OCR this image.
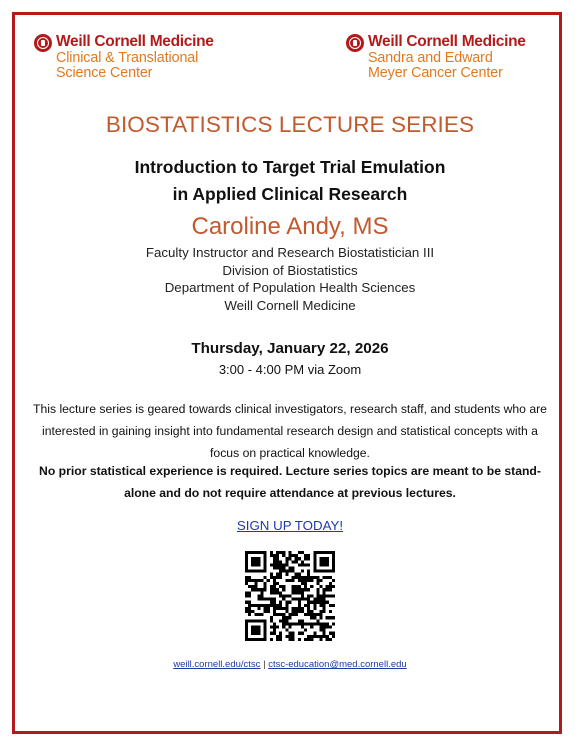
Weill Cornell Medicine
Clinical & Translational
Science Center
Weill Cornell Medicine
Sandra and Edward
Meyer Cancer Center
BIOSTATISTICS LECTURE SERIES
Introduction to Target Trial Emulation
in Applied Clinical Research
Caroline Andy, MS
Faculty Instructor and Research Biostatistician III
Division of Biostatistics
Department of Population Health Sciences
Weill Cornell Medicine
Thursday, January 22, 2026
3:00 - 4:00 PM via Zoom
This lecture series is geared towards clinical investigators, research staff, and students who are interested in gaining insight into fundamental research design and statistical concepts with a focus on practical knowledge.
No prior statistical experience is required. Lecture series topics are meant to be stand-alone and do not require attendance at previous lectures.
SIGN UP TODAY!
weill.cornell.edu/ctsc | ctsc-education@med.cornell.edu
